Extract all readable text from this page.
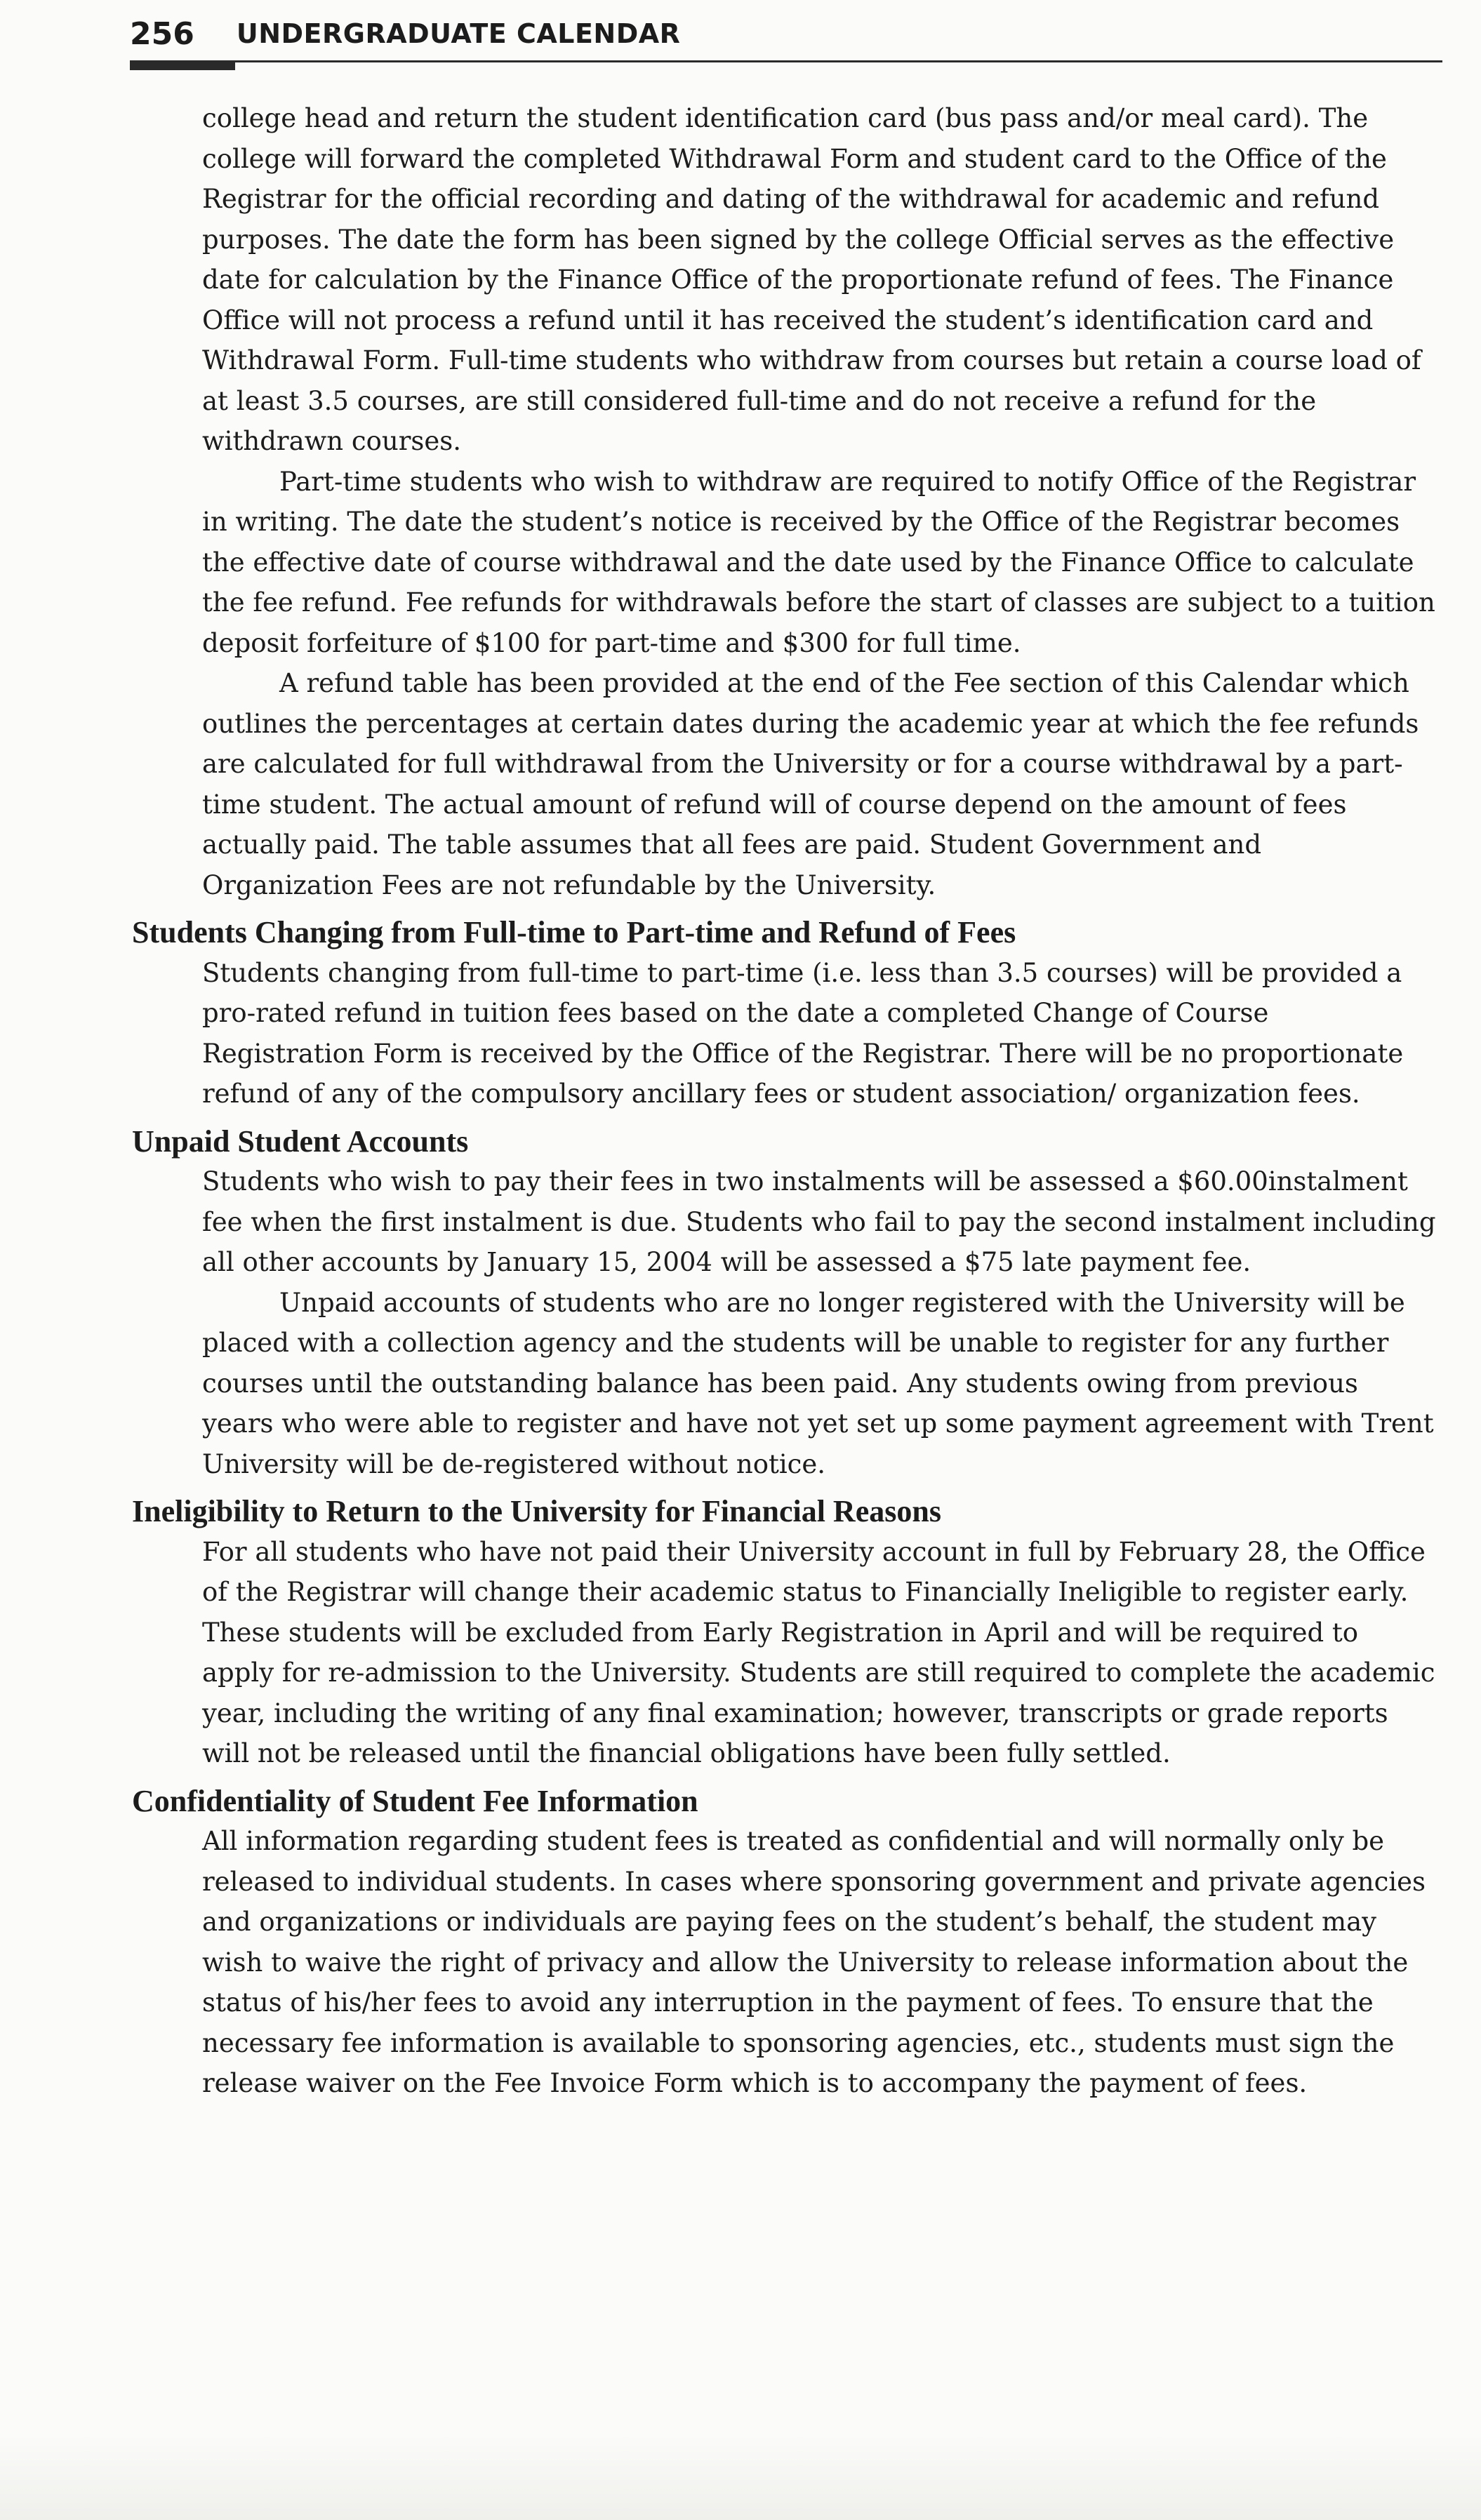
256 UNDERGRADUATE CALENDAR

college head and return the student identification card (bus pass and/or meal card). The college will forward the completed Withdrawal Form and student card to the Office of the Registrar for the official recording and dating of the withdrawal for academic and refund purposes. The date the form has been signed by the college Official serves as the effective date for calculation by the Finance Office of the proportionate refund of fees. The Finance Office will not process a refund until it has received the student’s identification card and Withdrawal Form. Full-time students who withdraw from courses but retain a course load of at least 3.5 courses, are still considered full-time and do not receive a refund for the withdrawn courses.

Part-time students who wish to withdraw are required to notify Office of the Registrar in writing. The date the student’s notice is received by the Office of the Registrar becomes the effective date of course withdrawal and the date used by the Finance Office to calculate the fee refund. Fee refunds for withdrawals before the start of classes are subject to a tuition deposit forfeiture of $100 for part-time and $300 for full time.

A refund table has been provided at the end of the Fee section of this Calendar which outlines the percentages at certain dates during the academic year at which the fee refunds are calculated for full withdrawal from the University or for a course withdrawal by a part-time student. The actual amount of refund will of course depend on the amount of fees actually paid. The table assumes that all fees are paid. Student Government and Organization Fees are not refundable by the University.

Students Changing from Full-time to Part-time and Refund of Fees

Students changing from full-time to part-time (i.e. less than 3.5 courses) will be provided a pro-rated refund in tuition fees based on the date a completed Change of Course Registration Form is received by the Office of the Registrar. There will be no proportionate refund of any of the compulsory ancillary fees or student association/ organization fees.

Unpaid Student Accounts

Students who wish to pay their fees in two instalments will be assessed a $60.00instalment fee when the first instalment is due. Students who fail to pay the second instalment including all other accounts by January 15, 2004 will be assessed a $75 late payment fee.

Unpaid accounts of students who are no longer registered with the University will be placed with a collection agency and the students will be unable to register for any further courses until the outstanding balance has been paid. Any students owing from previous years who were able to register and have not yet set up some payment agreement with Trent University will be de-registered without notice.

Ineligibility to Return to the University for Financial Reasons

For all students who have not paid their University account in full by February 28, the Office of the Registrar will change their academic status to Financially Ineligible to register early. These students will be excluded from Early Registration in April and will be required to apply for re-admission to the University. Students are still required to complete the academic year, including the writing of any final examination; however, transcripts or grade reports will not be released until the financial obligations have been fully settled.

Confidentiality of Student Fee Information

All information regarding student fees is treated as confidential and will normally only be released to individual students. In cases where sponsoring government and private agencies and organizations or individuals are paying fees on the student’s behalf, the student may wish to waive the right of privacy and allow the University to release information about the status of his/her fees to avoid any interruption in the payment of fees. To ensure that the necessary fee information is available to sponsoring agencies, etc., students must sign the release waiver on the Fee Invoice Form which is to accompany the payment of fees.
